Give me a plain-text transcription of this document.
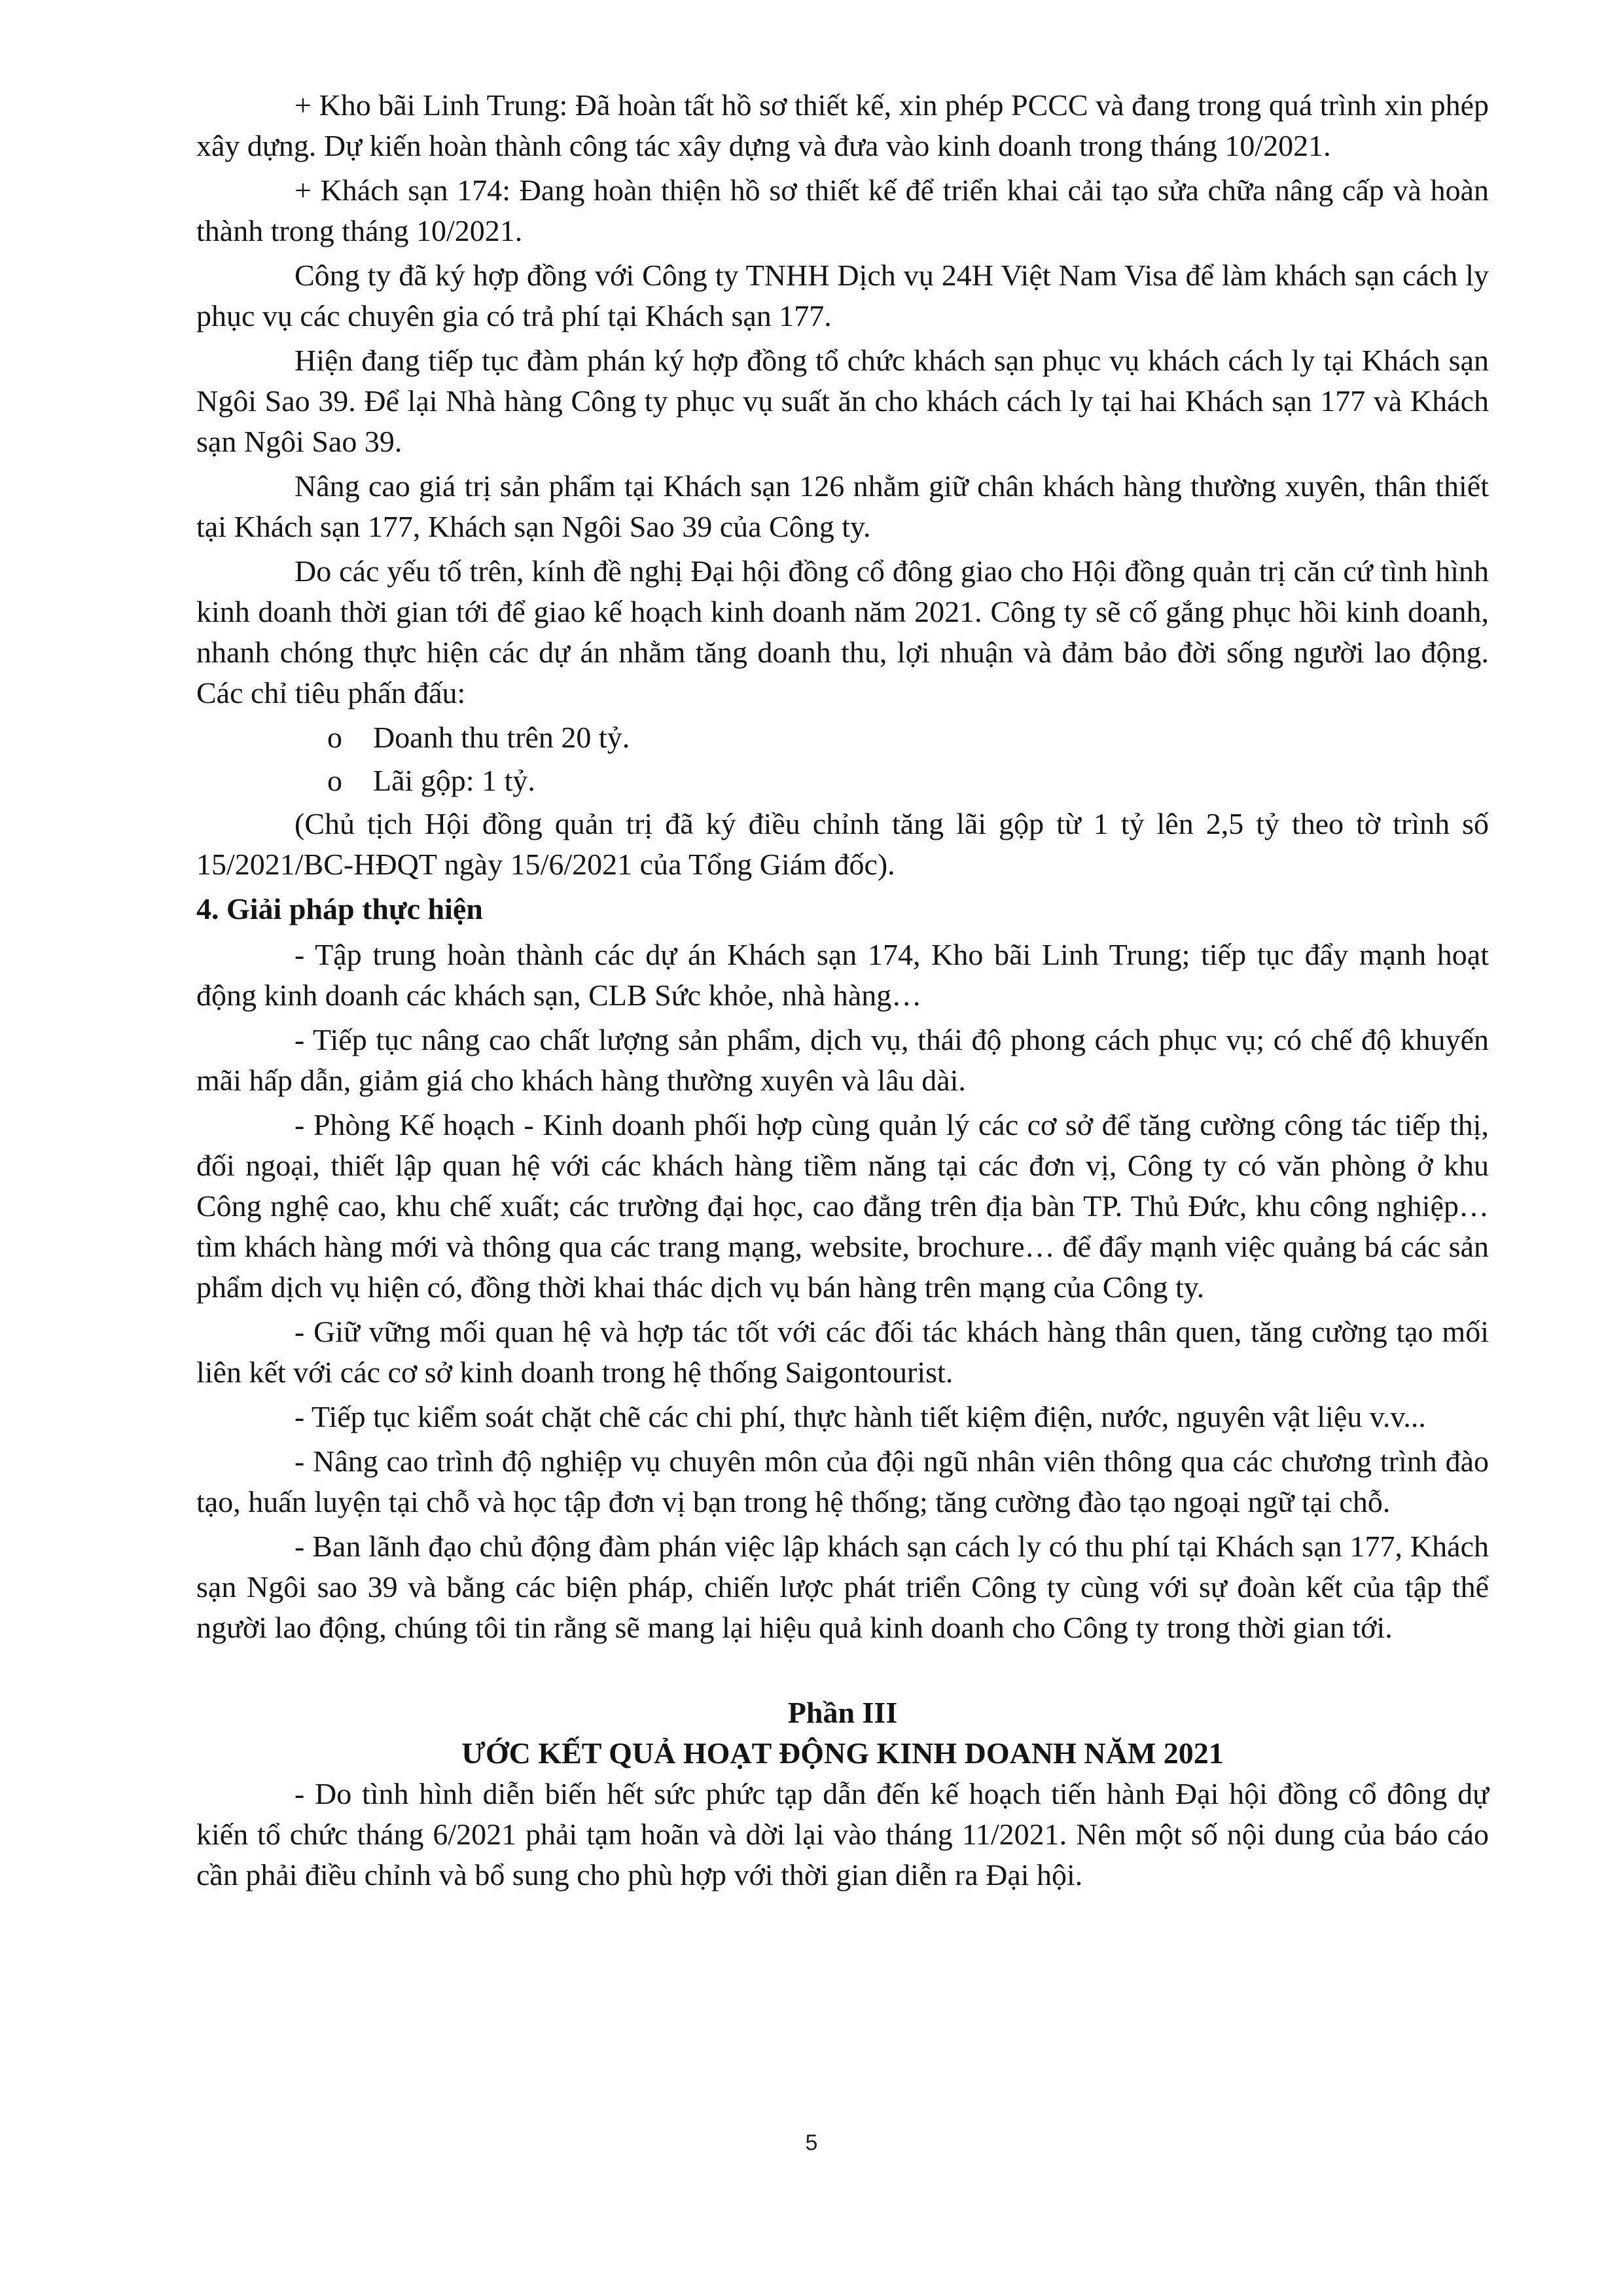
+ Kho bãi Linh Trung: Đã hoàn tất hồ sơ thiết kế, xin phép PCCC và đang trong quá trình xin phép xây dựng. Dự kiến hoàn thành công tác xây dựng và đưa vào kinh doanh trong tháng 10/2021.

+ Khách sạn 174: Đang hoàn thiện hồ sơ thiết kế để triển khai cải tạo sửa chữa nâng cấp và hoàn thành trong tháng 10/2021.

Công ty đã ký hợp đồng với Công ty TNHH Dịch vụ 24H Việt Nam Visa để làm khách sạn cách ly phục vụ các chuyên gia có trả phí tại Khách sạn 177.

Hiện đang tiếp tục đàm phán ký hợp đồng tổ chức khách sạn phục vụ khách cách ly tại Khách sạn Ngôi Sao 39. Để lại Nhà hàng Công ty phục vụ suất ăn cho khách cách ly tại hai Khách sạn 177 và Khách sạn Ngôi Sao 39.

Nâng cao giá trị sản phẩm tại Khách sạn 126 nhằm giữ chân khách hàng thường xuyên, thân thiết tại Khách sạn 177, Khách sạn Ngôi Sao 39 của Công ty.

Do các yếu tố trên, kính đề nghị Đại hội đồng cổ đông giao cho Hội đồng quản trị căn cứ tình hình kinh doanh thời gian tới để giao kế hoạch kinh doanh năm 2021. Công ty sẽ cố gắng phục hồi kinh doanh, nhanh chóng thực hiện các dự án nhằm tăng doanh thu, lợi nhuận và đảm bảo đời sống người lao động. Các chỉ tiêu phấn đấu:

o Doanh thu trên 20 tỷ.
o Lãi gộp: 1 tỷ.

(Chủ tịch Hội đồng quản trị đã ký điều chỉnh tăng lãi gộp từ 1 tỷ lên 2,5 tỷ theo tờ trình số 15/2021/BC-HĐQT ngày 15/6/2021 của Tổng Giám đốc).

4. Giải pháp thực hiện

- Tập trung hoàn thành các dự án Khách sạn 174, Kho bãi Linh Trung; tiếp tục đẩy mạnh hoạt động kinh doanh các khách sạn, CLB Sức khỏe, nhà hàng…

- Tiếp tục nâng cao chất lượng sản phẩm, dịch vụ, thái độ phong cách phục vụ; có chế độ khuyến mãi hấp dẫn, giảm giá cho khách hàng thường xuyên và lâu dài.

- Phòng Kế hoạch - Kinh doanh phối hợp cùng quản lý các cơ sở để tăng cường công tác tiếp thị, đối ngoại, thiết lập quan hệ với các khách hàng tiềm năng tại các đơn vị, Công ty có văn phòng ở khu Công nghệ cao, khu chế xuất; các trường đại học, cao đẳng trên địa bàn TP. Thủ Đức, khu công nghiệp… tìm khách hàng mới và thông qua các trang mạng, website, brochure… để đẩy mạnh việc quảng bá các sản phẩm dịch vụ hiện có, đồng thời khai thác dịch vụ bán hàng trên mạng của Công ty.

- Giữ vững mối quan hệ và hợp tác tốt với các đối tác khách hàng thân quen, tăng cường tạo mối liên kết với các cơ sở kinh doanh trong hệ thống Saigontourist.

- Tiếp tục kiểm soát chặt chẽ các chi phí, thực hành tiết kiệm điện, nước, nguyên vật liệu v.v...

- Nâng cao trình độ nghiệp vụ chuyên môn của đội ngũ nhân viên thông qua các chương trình đào tạo, huấn luyện tại chỗ và học tập đơn vị bạn trong hệ thống; tăng cường đào tạo ngoại ngữ tại chỗ.

- Ban lãnh đạo chủ động đàm phán việc lập khách sạn cách ly có thu phí tại Khách sạn 177, Khách sạn Ngôi sao 39 và bằng các biện pháp, chiến lược phát triển Công ty cùng với sự đoàn kết của tập thể người lao động, chúng tôi tin rằng sẽ mang lại hiệu quả kinh doanh cho Công ty trong thời gian tới.

Phần III
ƯỚC KẾT QUẢ HOẠT ĐỘNG KINH DOANH NĂM 2021

- Do tình hình diễn biến hết sức phức tạp dẫn đến kế hoạch tiến hành Đại hội đồng cổ đông dự kiến tổ chức tháng 6/2021 phải tạm hoãn và dời lại vào tháng 11/2021. Nên một số nội dung của báo cáo cần phải điều chỉnh và bổ sung cho phù hợp với thời gian diễn ra Đại hội.

5
